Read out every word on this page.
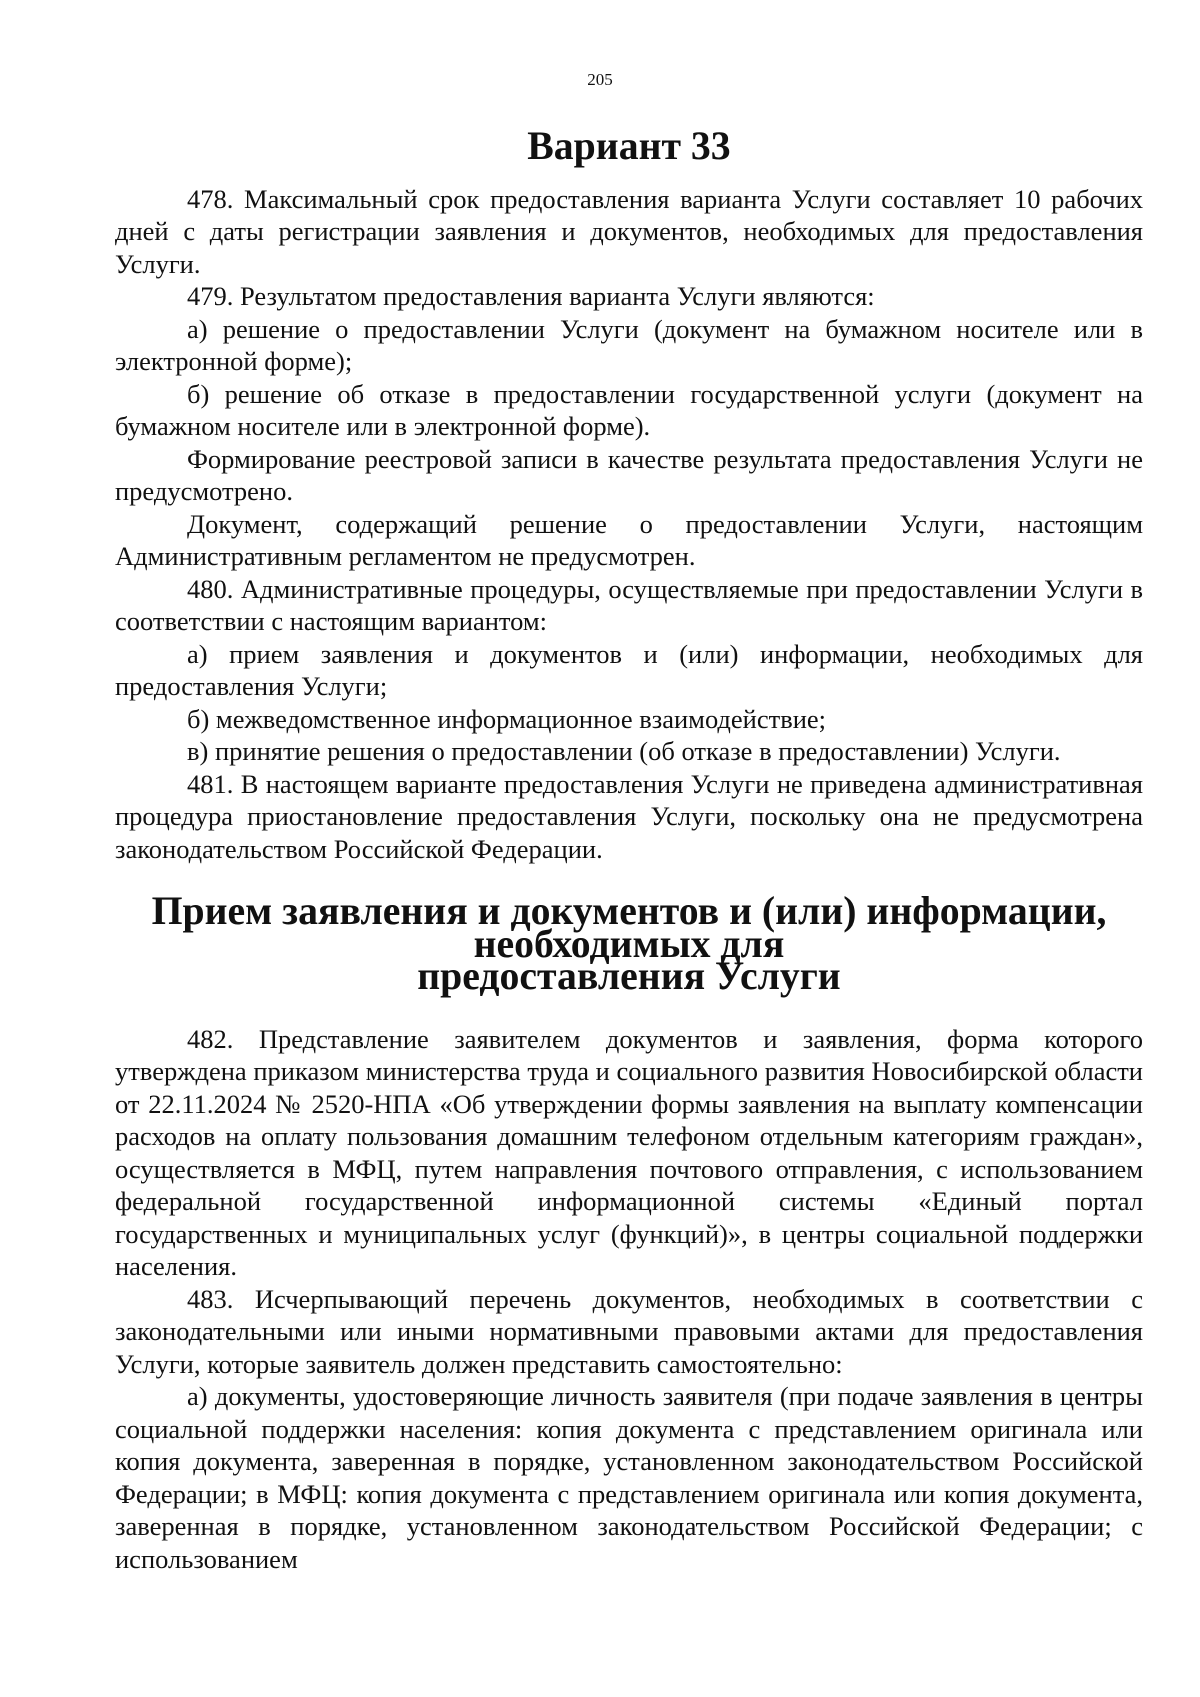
205
Вариант 33

478. Максимальный срок предоставления варианта Услуги составляет 10 рабочих дней с даты регистрации заявления и документов, необходимых для предоставления Услуги.

479. Результатом предоставления варианта Услуги являются:

а) решение о предоставлении Услуги (документ на бумажном носителе или в электронной форме);

б) решение об отказе в предоставлении государственной услуги (документ на бумажном носителе или в электронной форме).

Формирование реестровой записи в качестве результата предоставления Услуги не предусмотрено.

Документ, содержащий решение о предоставлении Услуги, настоящим Административным регламентом не предусмотрен.

480. Административные процедуры, осуществляемые при предоставлении Услуги в соответствии с настоящим вариантом:

а) прием заявления и документов и (или) информации, необходимых для предоставления Услуги;

б) межведомственное информационное взаимодействие;

в) принятие решения о предоставлении (об отказе в предоставлении) Услуги.

481. В настоящем варианте предоставления Услуги не приведена административная процедура приостановление предоставления Услуги, поскольку она не предусмотрена законодательством Российской Федерации.

Прием заявления и документов и (или) информации, необходимых для
предоставления Услуги

482. Представление заявителем документов и заявления, форма которого утверждена приказом министерства труда и социального развития Новосибирской области от 22.11.2024 № 2520-НПА «Об утверждении формы заявления на выплату компенсации расходов на оплату пользования домашним телефоном отдельным категориям граждан», осуществляется в МФЦ, путем направления почтового отправления, с использованием федеральной государственной информационной системы «Единый портал государственных и муниципальных услуг (функций)», в центры социальной поддержки населения.

483. Исчерпывающий перечень документов, необходимых в соответствии с законодательными или иными нормативными правовыми актами для предоставления Услуги, которые заявитель должен представить самостоятельно:

а) документы, удостоверяющие личность заявителя (при подаче заявления в центры социальной поддержки населения: копия документа с представлением оригинала или копия документа, заверенная в порядке, установленном законодательством Российской Федерации; в МФЦ: копия документа с представлением оригинала или копия документа, заверенная в порядке, установленном законодательством Российской Федерации; с использованием
